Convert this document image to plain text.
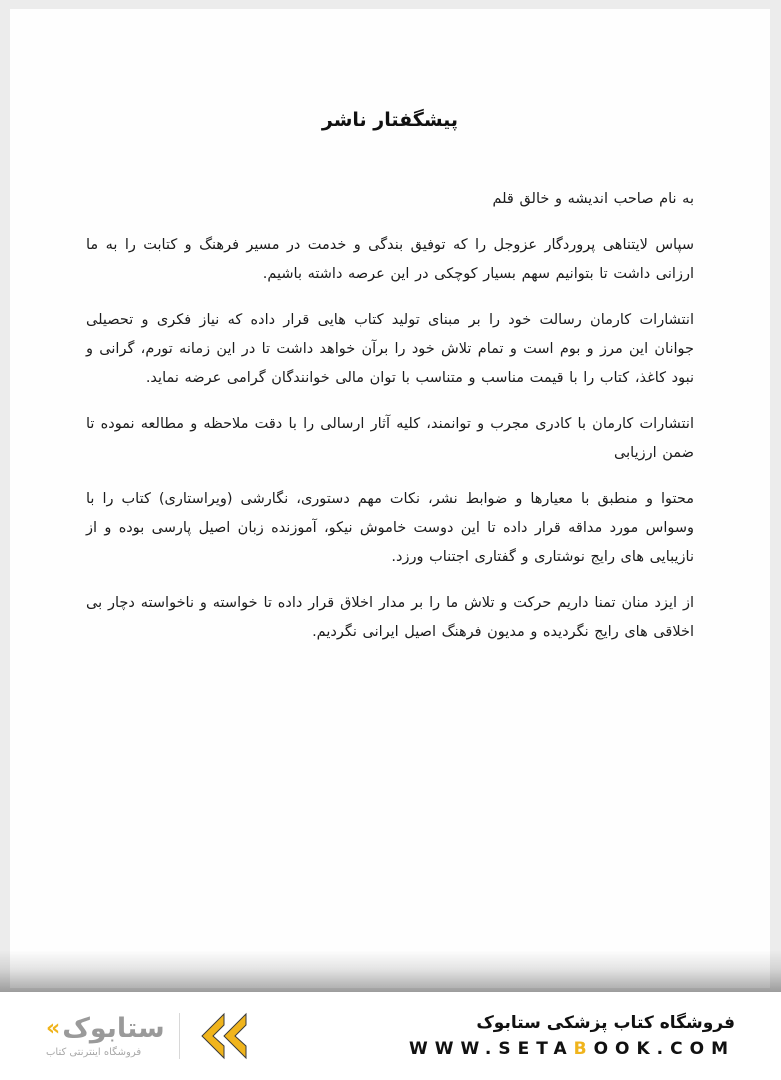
پیشگفتار ناشر

به نام صاحب اندیشه و خالق قلم

سپاس لایتناهی پروردگار عزوجل را که توفیق بندگی و خدمت در مسیر فرهنگ و کتابت را به ما ارزانی داشت تا بتوانیم سهم بسیار کوچکی در این عرصه داشته باشیم.

انتشارات کارمان رسالت خود را بر مبنای تولید کتاب هایی قرار داده که نیاز فکری و تحصیلی جوانان این مرز و بوم است و تمام تلاش خود را برآن خواهد داشت تا در این زمانه تورم، گرانی و نبود کاغذ، کتاب را با قیمت مناسب و متناسب با توان مالی خوانندگان گرامی عرضه نماید.

انتشارات کارمان با کادری مجرب و توانمند، کلیه آثار ارسالی را با دقت ملاحظه و مطالعه نموده تا ضمن ارزیابی

محتوا و منطبق با معیارها و ضوابط نشر، نکات مهم دستوری، نگارشی (ویراستاری) کتاب را با وسواس مورد مداقه قرار داده تا این دوست خاموش نیکو، آموزنده زبان اصیل پارسی بوده و از نازیبایی های رایج نوشتاری و گفتاری اجتناب ورزد.

از ایزد منان تمنا داریم حرکت و تلاش ما را بر مدار اخلاق قرار داده تا خواسته و ناخواسته دچار بی اخلاقی های رایج نگردیده و مدیون فرهنگ اصیل ایرانی نگردیم.

« ستابوک
فروشگاه اینترنتی کتاب
فروشگاه کتاب پزشکی ستابوک
WWW.SETABOOK.COM
